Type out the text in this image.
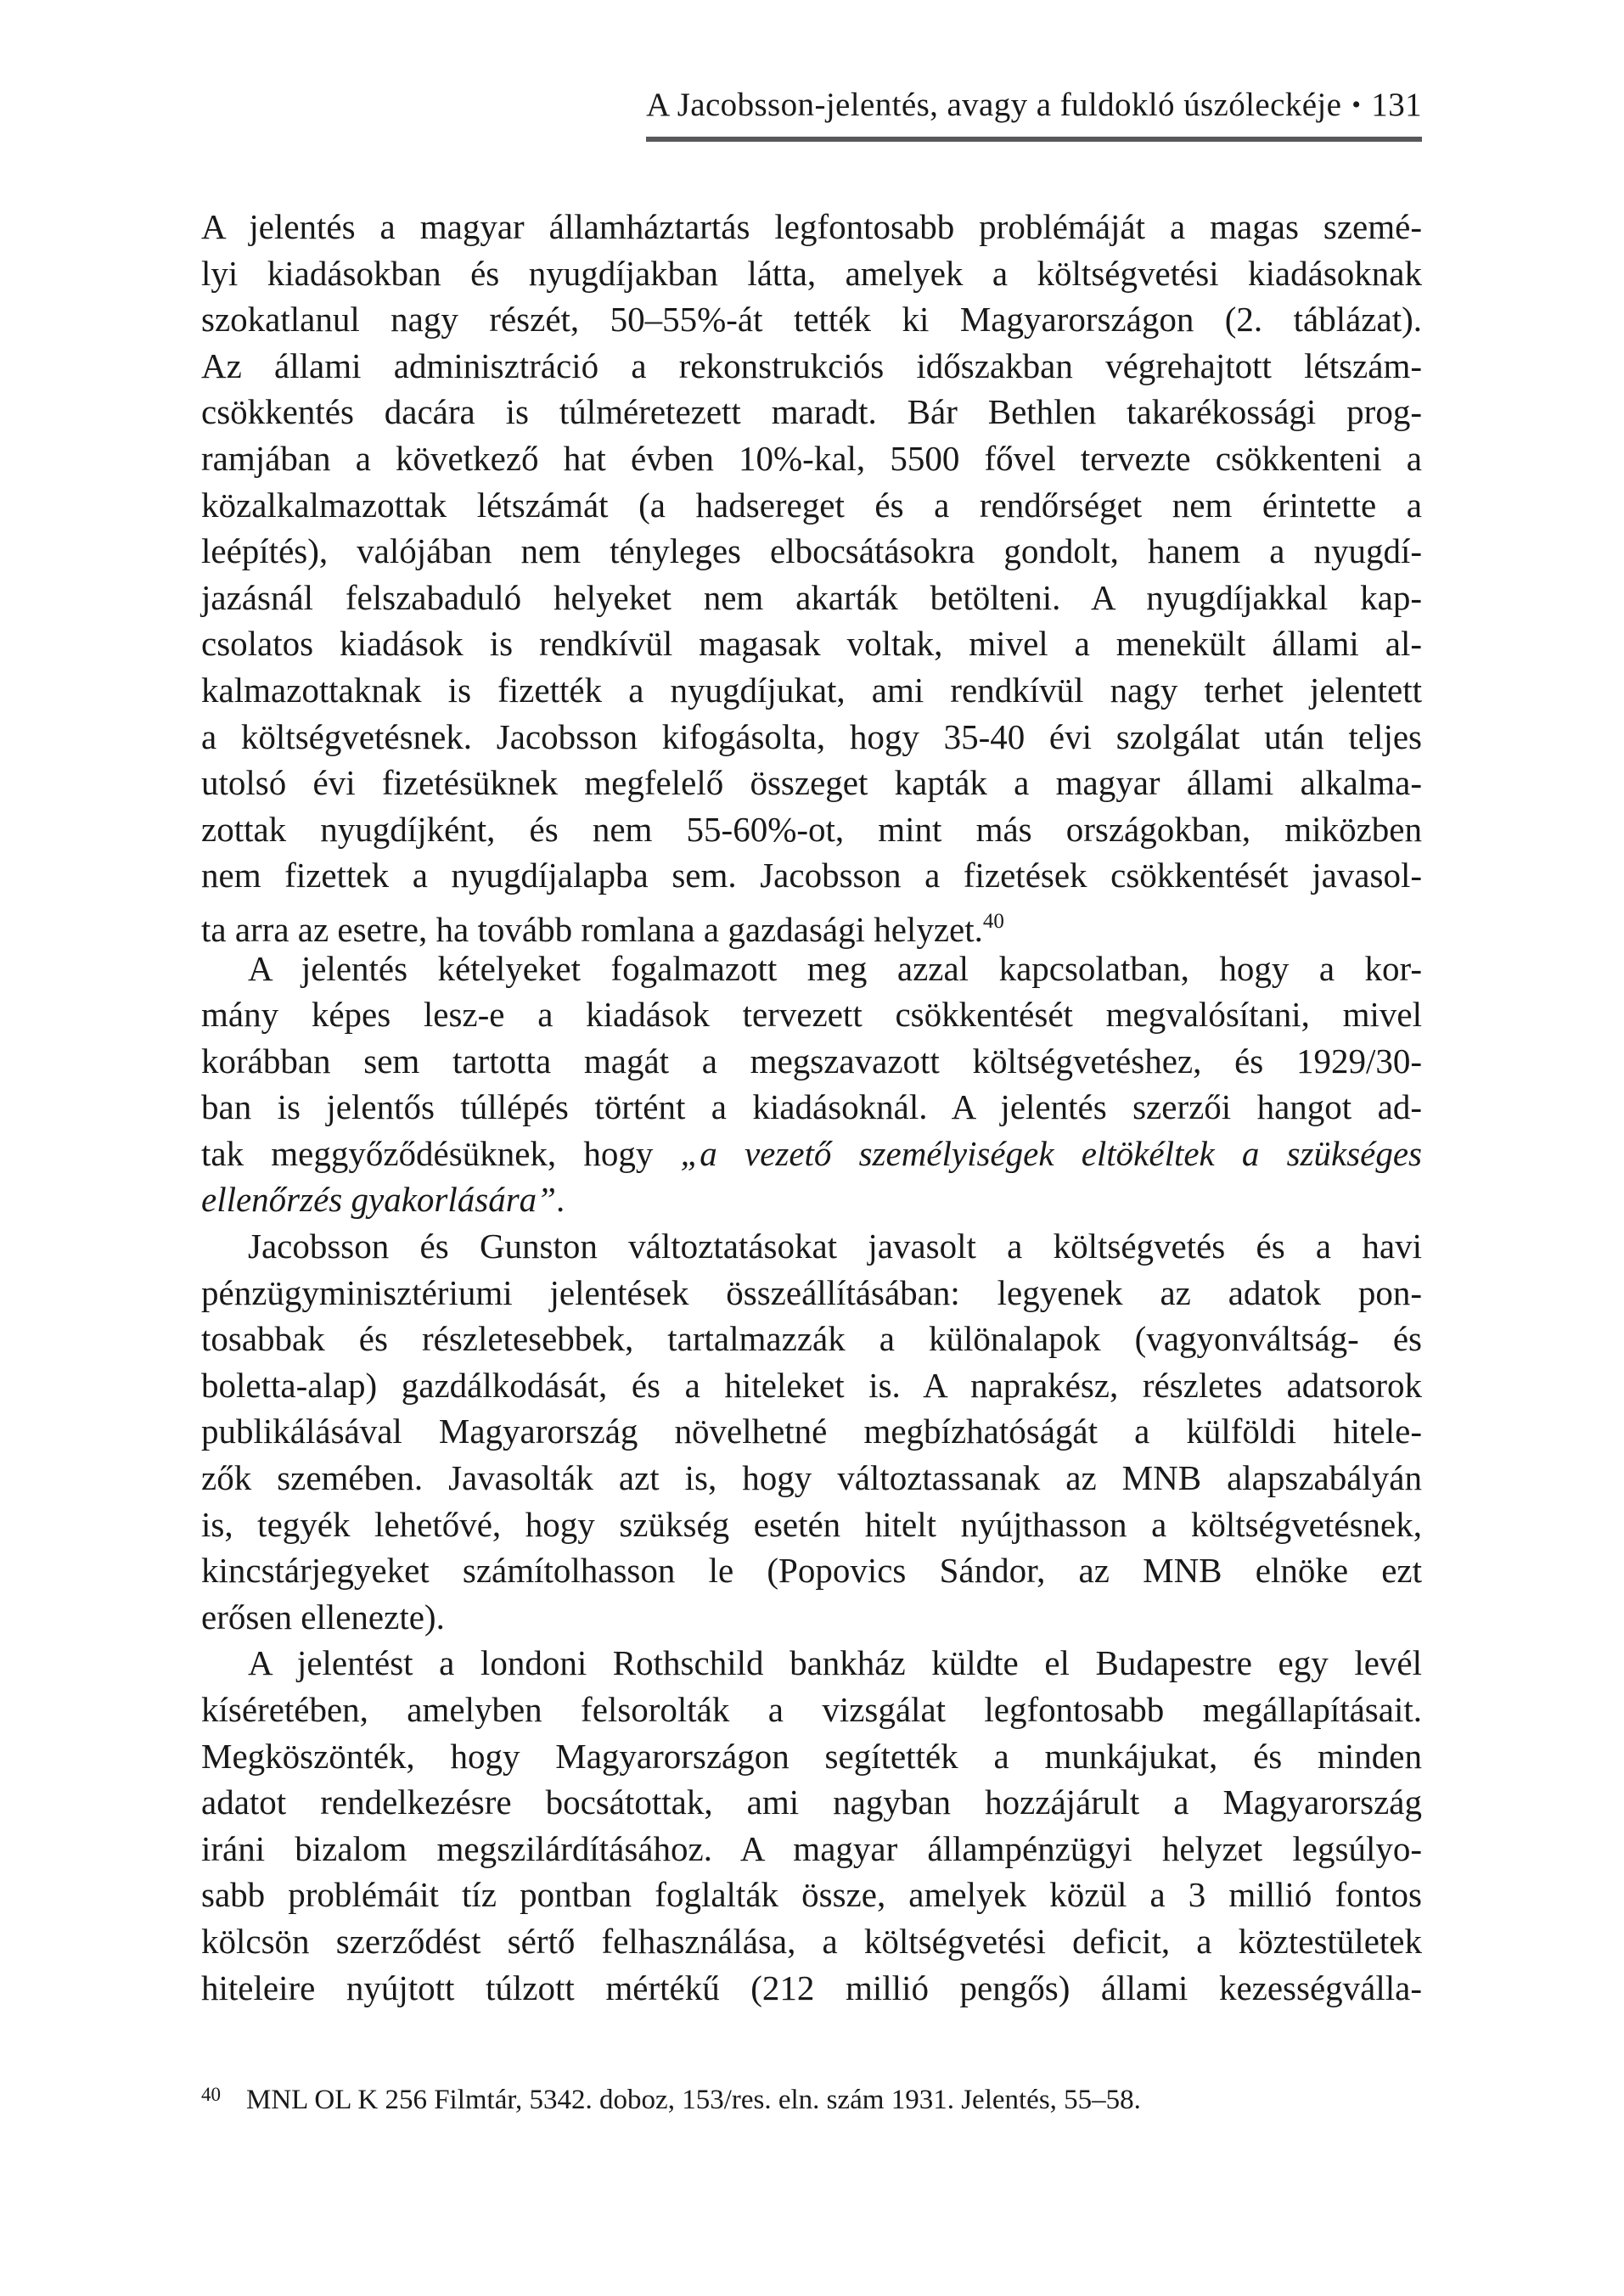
A Jacobsson-jelentés, avagy a fuldokló úszóleckéje • 131
A jelentés a magyar államháztartás legfontosabb problémáját a magas szemé-
lyi kiadásokban és nyugdíjakban látta, amelyek a költségvetési kiadásoknak
szokatlanul nagy részét, 50–55%-át tették ki Magyarországon (2. táblázat).
Az állami adminisztráció a rekonstrukciós időszakban végrehajtott létszám-
csökkentés dacára is túlméretezett maradt. Bár Bethlen takarékossági prog-
ramjában a következő hat évben 10%-kal, 5500 fővel tervezte csökkenteni a
közalkalmazottak létszámát (a hadsereget és a rendőrséget nem érintette a
leépítés), valójában nem tényleges elbocsátásokra gondolt, hanem a nyugdí-
jazásnál felszabaduló helyeket nem akarták betölteni. A nyugdíjakkal kap-
csolatos kiadások is rendkívül magasak voltak, mivel a menekült állami al-
kalmazottaknak is fizették a nyugdíjukat, ami rendkívül nagy terhet jelentett
a költségvetésnek. Jacobsson kifogásolta, hogy 35-40 évi szolgálat után teljes
utolsó évi fizetésüknek megfelelő összeget kapták a magyar állami alkalma-
zottak nyugdíjként, és nem 55-60%-ot, mint más országokban, miközben
nem fizettek a nyugdíjalapba sem. Jacobsson a fizetések csökkentését javasol-
ta arra az esetre, ha tovább romlana a gazdasági helyzet.$^{40}$
A jelentés kételyeket fogalmazott meg azzal kapcsolatban, hogy a kor-
mány képes lesz-e a kiadások tervezett csökkentését megvalósítani, mivel
korábban sem tartotta magát a megszavazott költségvetéshez, és 1929/30-
ban is jelentős túllépés történt a kiadásoknál. A jelentés szerzői hangot ad-
tak meggyőződésüknek, hogy „a vezető személyiségek eltökéltek a szükséges
ellenőrzés gyakorlására”.
Jacobsson és Gunston változtatásokat javasolt a költségvetés és a havi
pénzügyminisztériumi jelentések összeállításában: legyenek az adatok pon-
tosabbak és részletesebbek, tartalmazzák a különalapok (vagyonváltság- és
boletta-alap) gazdálkodását, és a hiteleket is. A naprakész, részletes adatsorok
publikálásával Magyarország növelhetné megbízhatóságát a külföldi hitele-
zők szemében. Javasolták azt is, hogy változtassanak az MNB alapszabályán
is, tegyék lehetővé, hogy szükség esetén hitelt nyújthasson a költségvetésnek,
kincstárjegyeket számítolhasson le (Popovics Sándor, az MNB elnöke ezt
erősen ellenezte).
A jelentést a londoni Rothschild bankház küldte el Budapestre egy levél
kíséretében, amelyben felsorolták a vizsgálat legfontosabb megállapításait.
Megköszönték, hogy Magyarországon segítették a munkájukat, és minden
adatot rendelkezésre bocsátottak, ami nagyban hozzájárult a Magyarország
iráni bizalom megszilárdításához. A magyar állampénzügyi helyzet legsúlyo-
sabb problémáit tíz pontban foglalták össze, amelyek közül a 3 millió fontos
kölcsön szerződést sértő felhasználása, a költségvetési deficit, a köztestületek
hiteleire nyújtott túlzott mértékű (212 millió pengős) állami kezességválla-
$^{40}$ MNL OL K 256 Filmtár, 5342. doboz, 153/res. eln. szám 1931. Jelentés, 55–58.
